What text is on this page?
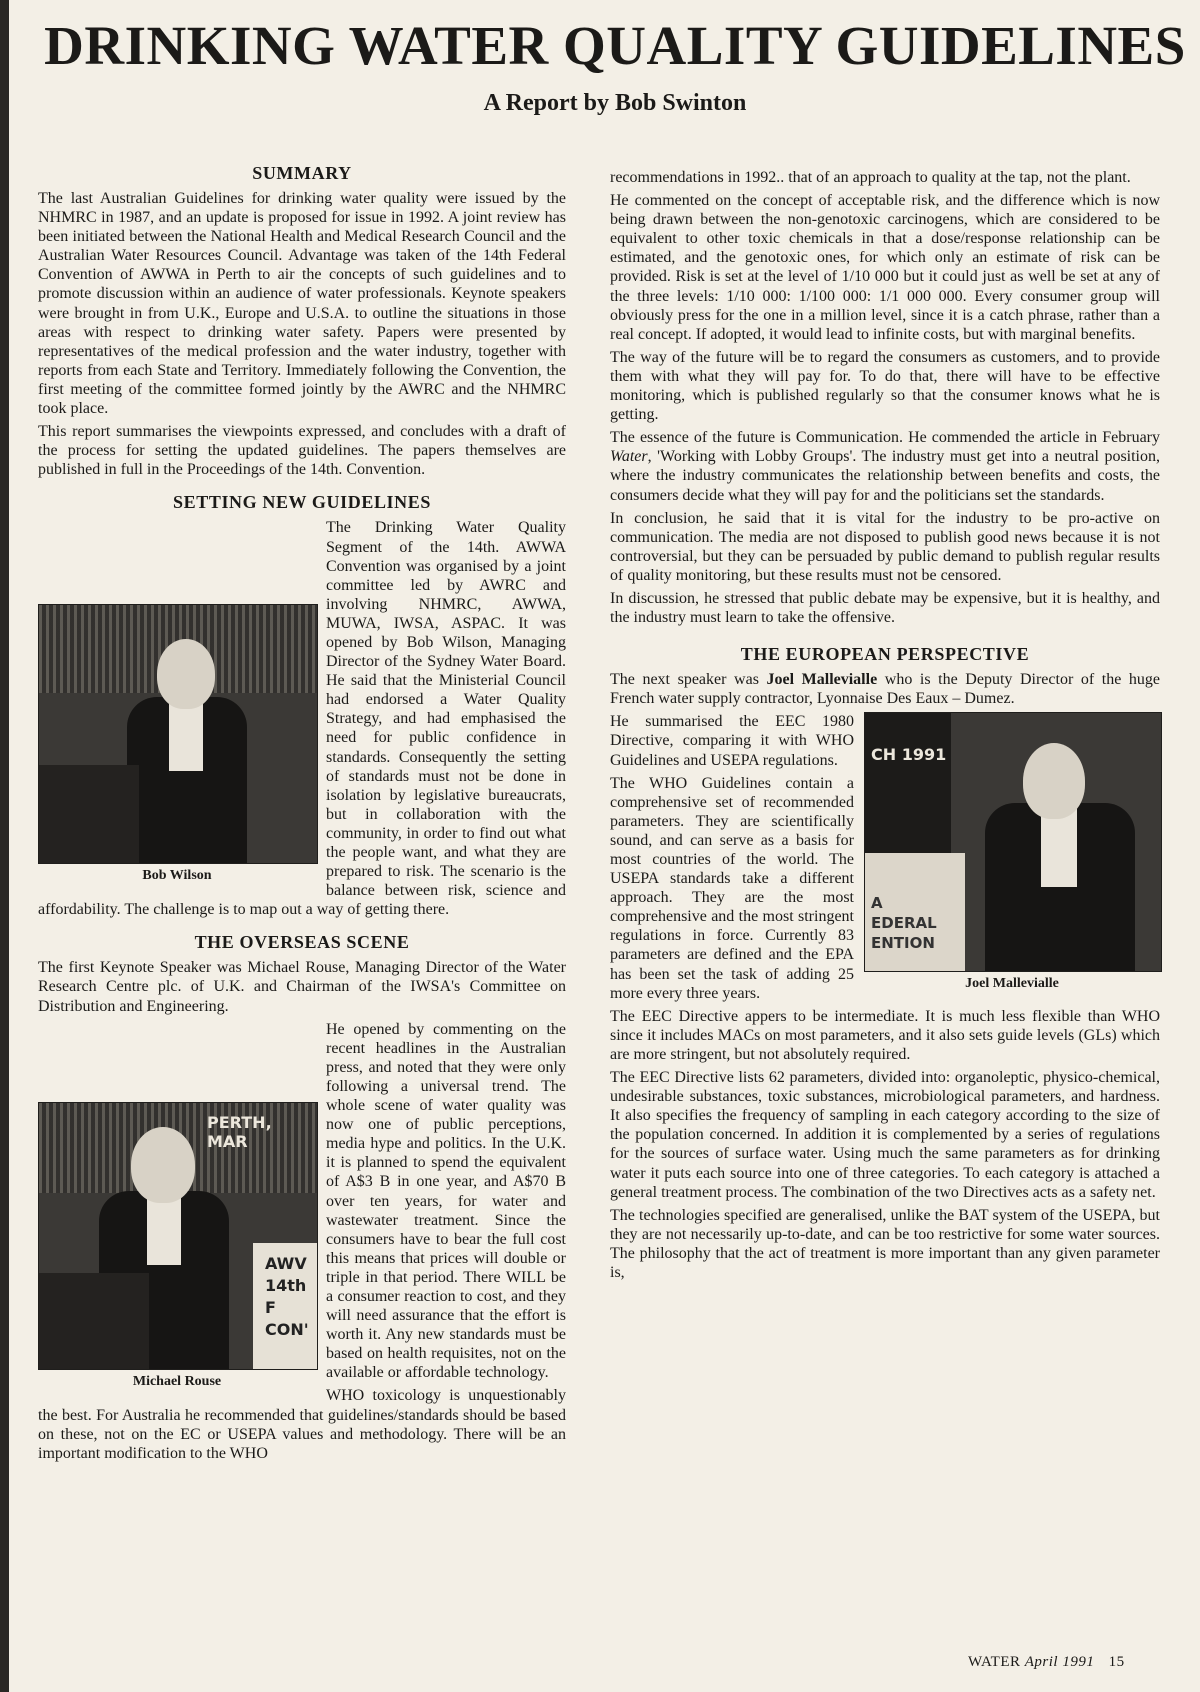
DRINKING WATER QUALITY GUIDELINES
A Report by Bob Swinton
SUMMARY

The last Australian Guidelines for drinking water quality were issued by the NHMRC in 1987, and an update is proposed for issue in 1992. A joint review has been initiated between the National Health and Medical Research Council and the Australian Water Resources Council. Advantage was taken of the 14th Federal Convention of AWWA in Perth to air the concepts of such guidelines and to promote discussion within an audience of water professionals. Keynote speakers were brought in from U.K., Europe and U.S.A. to outline the situations in those areas with respect to drinking water safety. Papers were presented by representatives of the medical profession and the water industry, together with reports from each State and Territory. Immediately following the Convention, the first meeting of the committee formed jointly by the AWRC and the NHMRC took place.

This report summarises the viewpoints expressed, and concludes with a draft of the process for setting the updated guidelines. The papers themselves are published in full in the Proceedings of the 14th. Convention.

SETTING NEW GUIDELINES
Bob Wilson

The Drinking Water Quality Segment of the 14th. AWWA Convention was organised by a joint committee led by AWRC and involving NHMRC, AWWA, MUWA, IWSA, ASPAC. It was opened by Bob Wilson, Managing Director of the Sydney Water Board. He said that the Ministerial Council had endorsed a Water Quality Strategy, and had emphasised the need for public confidence in standards. Consequently the setting of standards must not be done in isolation by legislative bureaucrats, but in collaboration with the community, in order to find out what the people want, and what they are prepared to risk. The scenario is the balance between risk, science and affordability. The challenge is to map out a way of getting there.

THE OVERSEAS SCENE

The first Keynote Speaker was Michael Rouse, Managing Director of the Water Research Centre plc. of U.K. and Chairman of the IWSA's Committee on Distribution and Engineering.

PERTH, MAR
AWV
14th F
CON'
Michael Rouse

He opened by commenting on the recent headlines in the Australian press, and noted that they were only following a universal trend. The whole scene of water quality was now one of public perceptions, media hype and politics. In the U.K. it is planned to spend the equivalent of A$3 B in one year, and A$70 B over ten years, for water and wastewater treatment. Since the consumers have to bear the full cost this means that prices will double or triple in that period. There WILL be a consumer reaction to cost, and they will need assurance that the effort is worth it. Any new standards must be based on health requisites, not on the available or affordable technology.

WHO toxicology is unquestionably the best. For Australia he recommended that guidelines/standards should be based on these, not on the EC or USEPA values and methodology. There will be an important modification to the WHO

recommendations in 1992.. that of an approach to quality at the tap, not the plant.

He commented on the concept of acceptable risk, and the difference which is now being drawn between the non-genotoxic carcinogens, which are considered to be equivalent to other toxic chemicals in that a dose/response relationship can be estimated, and the genotoxic ones, for which only an estimate of risk can be provided. Risk is set at the level of 1/10 000 but it could just as well be set at any of the three levels: 1/10 000: 1/100 000: 1/1 000 000. Every consumer group will obviously press for the one in a million level, since it is a catch phrase, rather than a real concept. If adopted, it would lead to infinite costs, but with marginal benefits.

The way of the future will be to regard the consumers as customers, and to provide them with what they will pay for. To do that, there will have to be effective monitoring, which is published regularly so that the consumer knows what he is getting.

The essence of the future is Communication. He commended the article in February Water, 'Working with Lobby Groups'. The industry must get into a neutral position, where the industry communicates the relationship between benefits and costs, the consumers decide what they will pay for and the politicians set the standards.

In conclusion, he said that it is vital for the industry to be pro-active on communication. The media are not disposed to publish good news because it is not controversial, but they can be persuaded by public demand to publish regular results of quality monitoring, but these results must not be censored.

In discussion, he stressed that public debate may be expensive, but it is healthy, and the industry must learn to take the offensive.

THE EUROPEAN PERSPECTIVE

The next speaker was Joel Mallevialle who is the Deputy Director of the huge French water supply contractor, Lyonnaise Des Eaux – Dumez.

CH 1991
A
EDERAL
ENTION
Joel Mallevialle

He summarised the EEC 1980 Directive, comparing it with WHO Guidelines and USEPA regulations.

The WHO Guidelines contain a comprehensive set of recommended parameters. They are scientifically sound, and can serve as a basis for most countries of the world. The USEPA standards take a different approach. They are the most comprehensive and the most stringent regulations in force. Currently 83 parameters are defined and the EPA has been set the task of adding 25 more every three years.

The EEC Directive appers to be intermediate. It is much less flexible than WHO since it includes MACs on most parameters, and it also sets guide levels (GLs) which are more stringent, but not absolutely required.

The EEC Directive lists 62 parameters, divided into: organoleptic, physico-chemical, undesirable substances, toxic substances, microbiological parameters, and hardness. It also specifies the frequency of sampling in each category according to the size of the population concerned. In addition it is complemented by a series of regulations for the sources of surface water. Using much the same parameters as for drinking water it puts each source into one of three categories. To each category is attached a general treatment process. The combination of the two Directives acts as a safety net.

The technologies specified are generalised, unlike the BAT system of the USEPA, but they are not necessarily up-to-date, and can be too restrictive for some water sources. The philosophy that the act of treatment is more important than any given parameter is,

WATER April 1991 15
